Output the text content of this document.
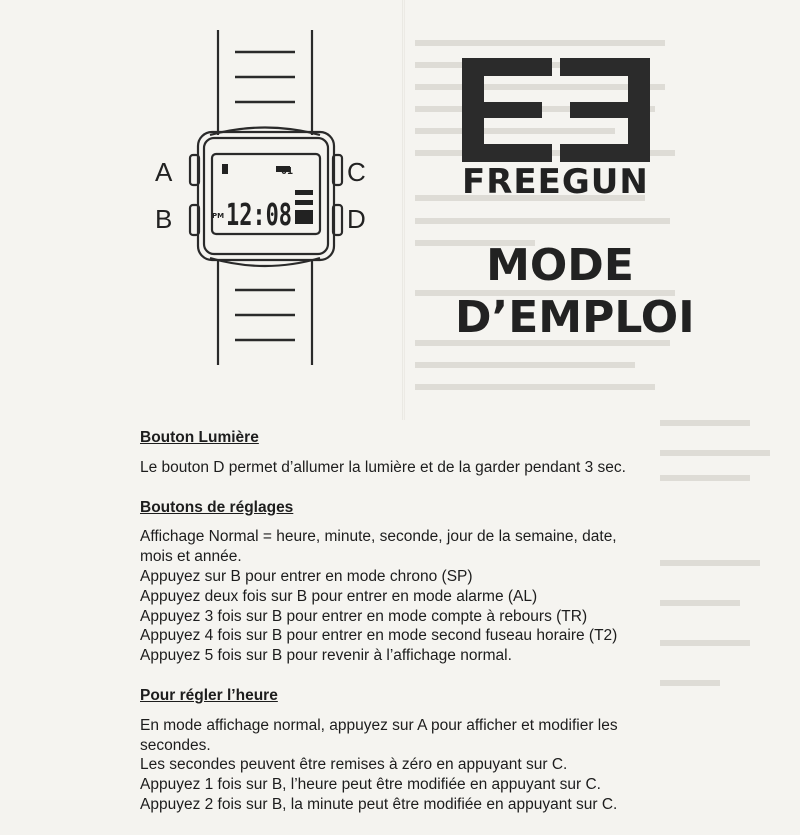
01
PM 12:08
A
B
C
D
FREEGUN
MODE
D’EMPLOI
Bouton Lumière

Le bouton D permet d’allumer la lumière et de la garder pendant 3 sec.

Boutons de réglages

Affichage Normal = heure, minute, seconde, jour de la semaine, date,

mois et année.

Appuyez sur B pour entrer en mode chrono (SP)

Appuyez deux fois sur B pour entrer en mode alarme (AL)

Appuyez 3 fois sur B pour entrer en mode compte à rebours (TR)

Appuyez 4 fois sur B pour entrer en mode second fuseau horaire (T2)

Appuyez 5 fois sur B pour revenir à l’affichage normal.

Pour régler l’heure

En mode affichage normal, appuyez sur A pour afficher et modifier les

secondes.

Les secondes peuvent être remises à zéro en appuyant sur C.

Appuyez 1 fois sur B, l’heure peut être modifiée en appuyant sur C.

Appuyez 2 fois sur B, la minute peut être modifiée en appuyant sur C.
